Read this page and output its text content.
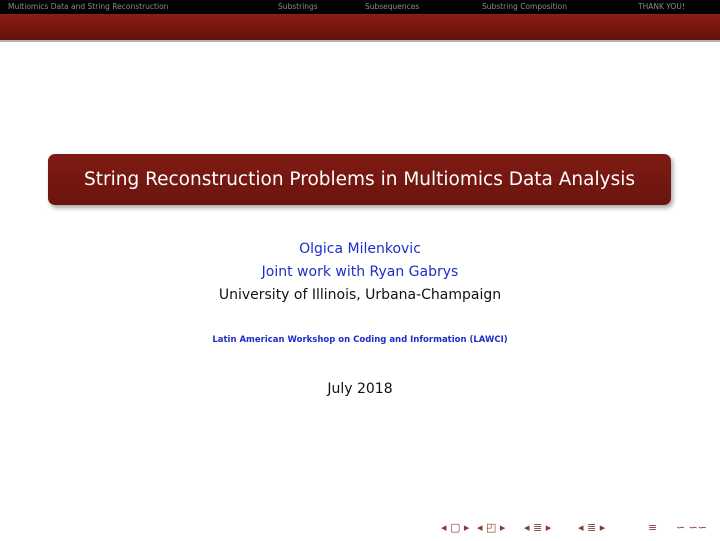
Multiomics Data and String Reconstruction	Substrings	Subsequences	Substring Composition	THANK YOU!
String Reconstruction Problems in Multiomics Data Analysis
Olgica Milenkovic
Joint work with Ryan Gabrys
University of Illinois, Urbana-Champaign
Latin American Workshop on Coding and Information (LAWCI)
July 2018
◂ ▢ ▸ ◂ ◰ ▸ ◂ ≣ ▸ ◂ ≣ ▸	≡ ∽  ∽∽
